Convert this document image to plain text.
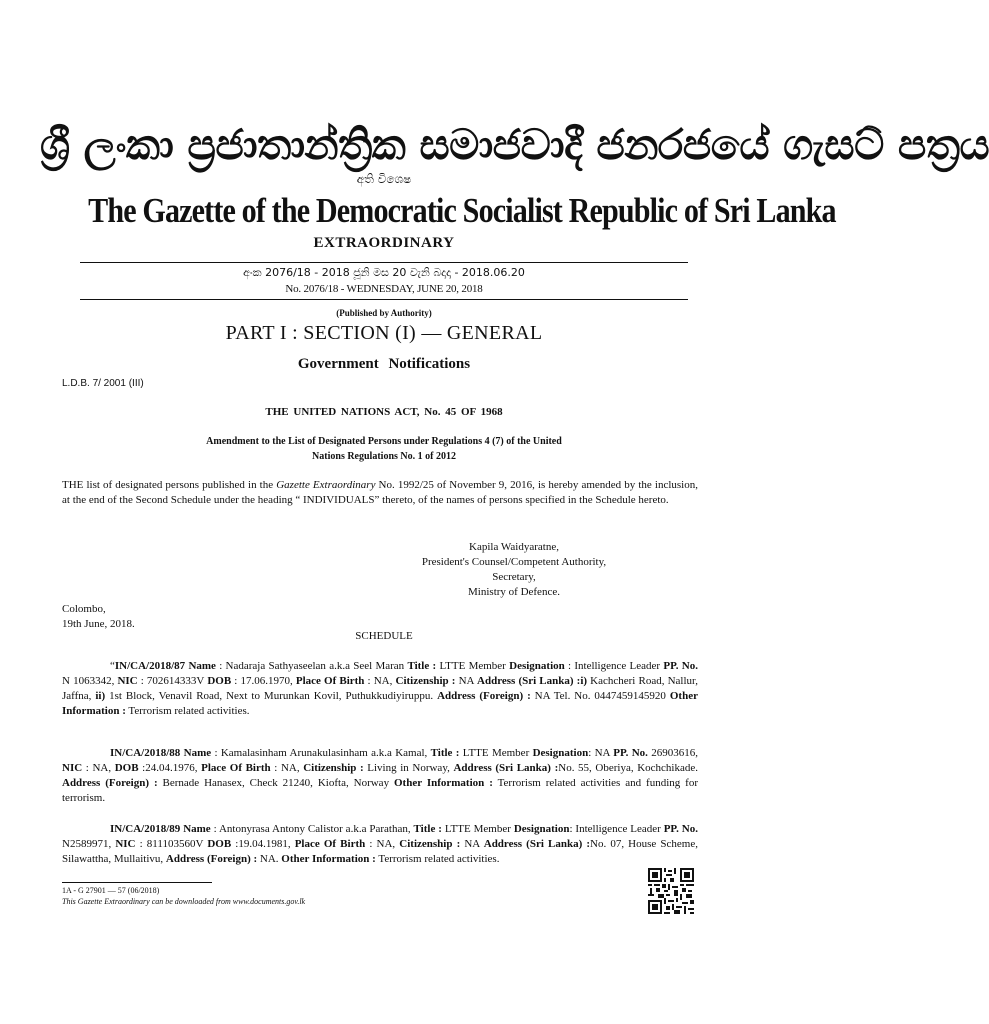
ශ්‍රී ලංකා ප්‍රජාතාන්ත්‍රික සමාජවාදී ජනරජයේ ගැසට් පත්‍රය
අති විශෙෂ
The Gazette of the Democratic Socialist Republic of Sri Lanka
EXTRAORDINARY
අංක 2076/18 - 2018 ජූනි මස 20 වැනි බදාදා - 2018.06.20
No. 2076/18 - WEDNESDAY, JUNE 20, 2018
(Published by Authority)
PART I : SECTION (I) — GENERAL
Government Notifications
L.D.B. 7/ 2001 (III)
THE UNITED NATIONS ACT, No. 45 OF 1968
Amendment to the List of Designated Persons under Regulations 4 (7) of the United
Nations Regulations No. 1 of 2012
THE list of designated persons published in the Gazette Extraordinary No. 1992/25 of November 9, 2016, is hereby amended by the inclusion, at the end of the Second Schedule under the heading “ INDIVIDUALS” thereto, of the names of persons specified in the Schedule hereto.
Kapila Waidyaratne,
President's Counsel/Competent Authority,
Secretary,
Ministry of Defence.
Colombo,
19th June, 2018.
SCHEDULE
“IN/CA/2018/87 Name : Nadaraja Sathyaseelan a.k.a Seel Maran Title : LTTE Member Designation : Intelligence Leader PP. No. N 1063342, NIC : 702614333V DOB : 17.06.1970, Place Of Birth : NA, Citizenship : NA Address (Sri Lanka) :i) Kachcheri Road, Nallur, Jaffna, ii) 1st Block, Venavil Road, Next to Murunkan Kovil, Puthukkudiyiruppu. Address (Foreign) : NA Tel. No. 0447459145920 Other Information : Terrorism related activities.
IN/CA/2018/88 Name : Kamalasinham Arunakulasinham a.k.a Kamal, Title : LTTE Member Designation: NA PP. No. 26903616, NIC : NA, DOB :24.04.1976, Place Of Birth : NA, Citizenship : Living in Norway, Address (Sri Lanka) :No. 55, Oberiya, Kochchikade. Address (Foreign) : Bernade Hanasex, Check 21240, Kiofta, Norway Other Information : Terrorism related activities and funding for terrorism.
IN/CA/2018/89 Name : Antonyrasa Antony Calistor a.k.a Parathan, Title : LTTE Member Designation: Intelligence Leader PP. No. N2589971, NIC : 811103560V DOB :19.04.1981, Place Of Birth : NA, Citizenship : NA Address (Sri Lanka) :No. 07, House Scheme, Silawattha, Mullaitivu, Address (Foreign) : NA. Other Information : Terrorism related activities.
1A - G 27901 — 57 (06/2018)
This Gazette Extraordinary can be downloaded from www.documents.gov.lk
